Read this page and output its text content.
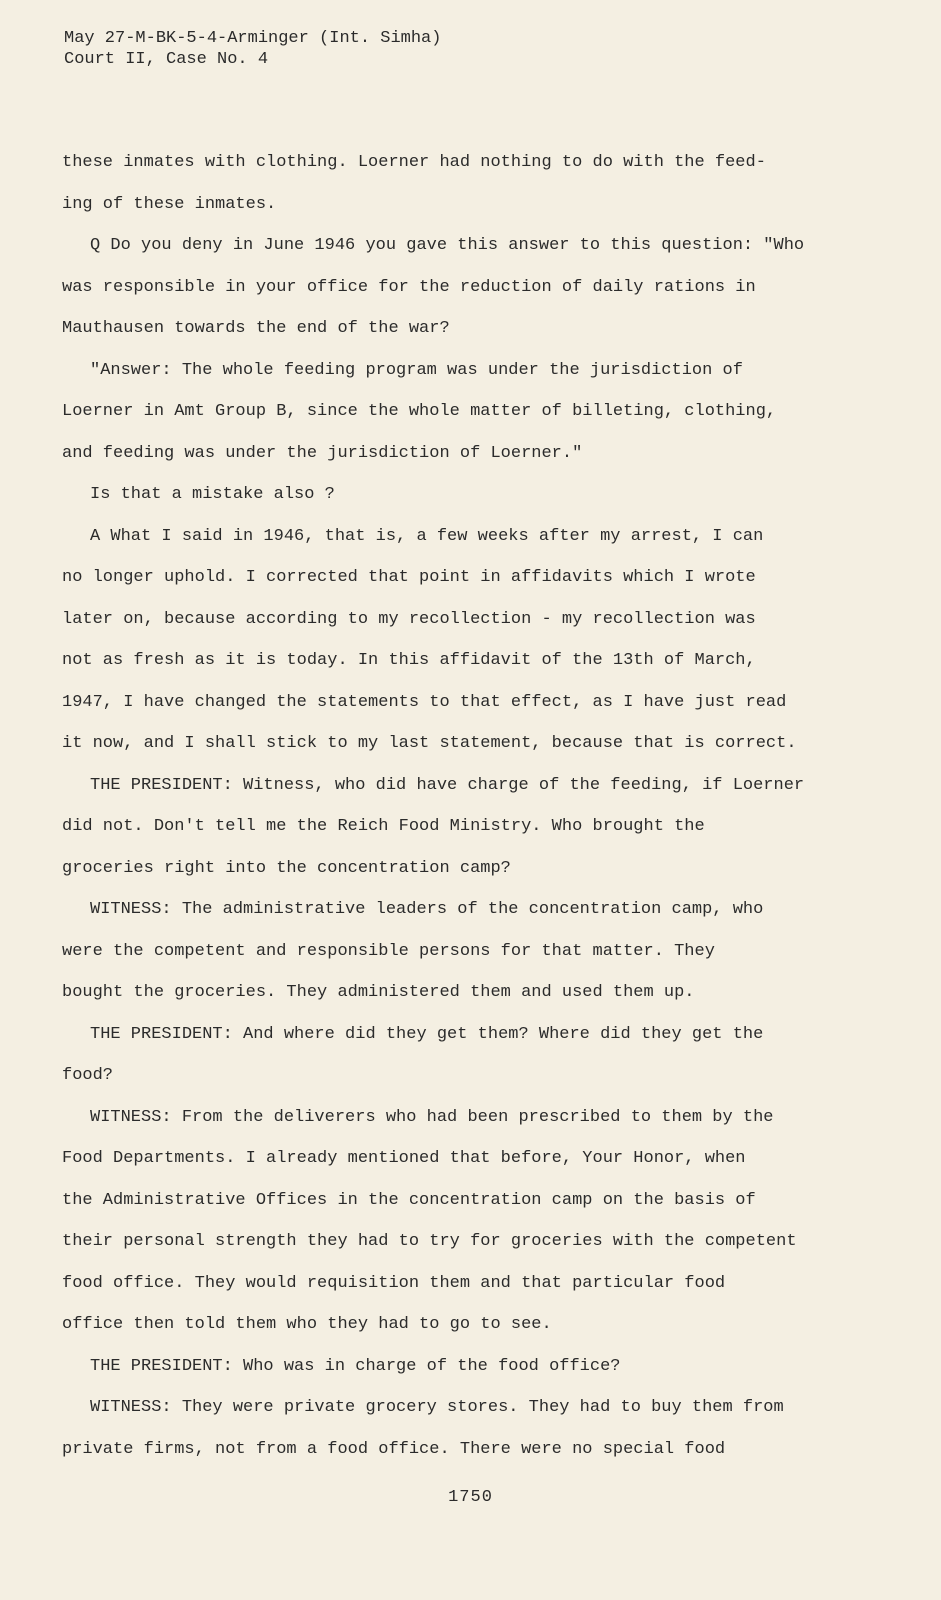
May 27-M-BK-5-4-Arminger (Int. Simha)
Court II, Case No. 4
these inmates with clothing. Loerner had nothing to do with the feed-
ing of these inmates.
Q Do you deny in June 1946 you gave this answer to this question: "Who
was responsible in your office for the reduction of daily rations in
Mauthausen towards the end of the war?
"Answer: The whole feeding program was under the jurisdiction of
Loerner in Amt Group B, since the whole matter of billeting, clothing,
and feeding was under the jurisdiction of Loerner."
Is that a mistake also ?
A What I said in 1946, that is, a few weeks after my arrest, I can
no longer uphold. I corrected that point in affidavits which I wrote
later on, because according to my recollection - my recollection was
not as fresh as it is today. In this affidavit of the 13th of March,
1947, I have changed the statements to that effect, as I have just read
it now, and I shall stick to my last statement, because that is correct.
THE PRESIDENT: Witness, who did have charge of the feeding, if Loerner
did not. Don't tell me the Reich Food Ministry. Who brought the
groceries right into the concentration camp?
WITNESS: The administrative leaders of the concentration camp, who
were the competent and responsible persons for that matter. They
bought the groceries. They administered them and used them up.
THE PRESIDENT: And where did they get them? Where did they get the
food?
WITNESS: From the deliverers who had been prescribed to them by the
Food Departments. I already mentioned that before, Your Honor, when
the Administrative Offices in the concentration camp on the basis of
their personal strength they had to try for groceries with the competent
food office. They would requisition them and that particular food
office then told them who they had to go to see.
THE PRESIDENT: Who was in charge of the food office?
WITNESS: They were private grocery stores. They had to buy them from
private firms, not from a food office. There were no special food
1750
